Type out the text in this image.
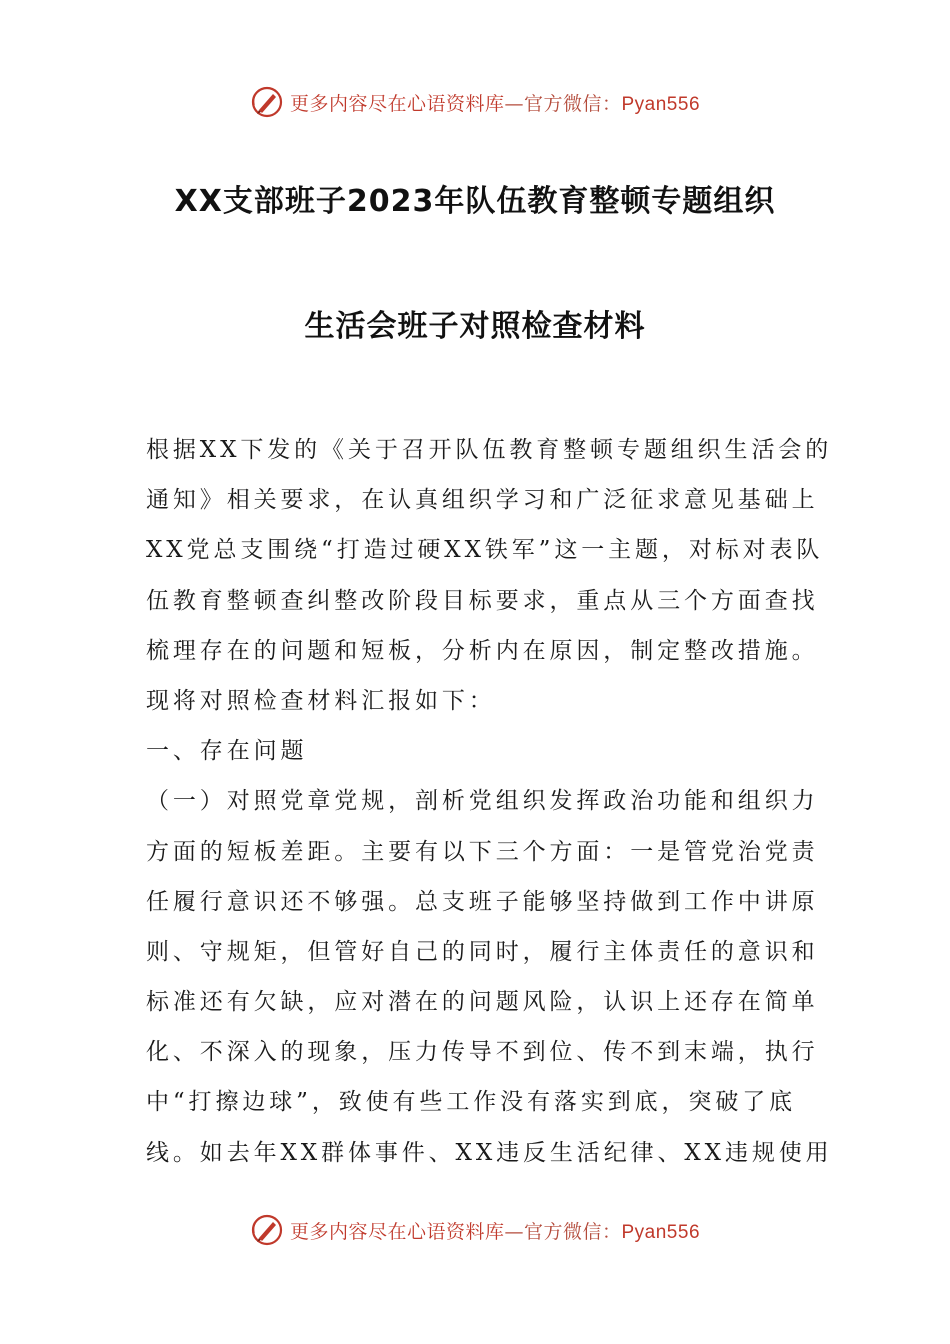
更多内容尽在心语资料库—官方微信：Pyan556
XX支部班子2023年队伍教育整顿专题组织
生活会班子对照检查材料
根据XX下发的《关于召开队伍教育整顿专题组织生活会的
通知》相关要求，在认真组织学习和广泛征求意见基础上
XX党总支围绕“打造过硬XX铁军”这一主题，对标对表队
伍教育整顿查纠整改阶段目标要求，重点从三个方面查找
梳理存在的问题和短板，分析内在原因，制定整改措施。
现将对照检查材料汇报如下：
一、存在问题
（一）对照党章党规，剖析党组织发挥政治功能和组织力
方面的短板差距。主要有以下三个方面：一是管党治党责
任履行意识还不够强。总支班子能够坚持做到工作中讲原
则、守规矩，但管好自己的同时，履行主体责任的意识和
标准还有欠缺，应对潜在的问题风险，认识上还存在简单
化、不深入的现象，压力传导不到位、传不到末端，执行
中“打擦边球”，致使有些工作没有落实到底，突破了底
线。如去年XX群体事件、XX违反生活纪律、XX违规使用
更多内容尽在心语资料库—官方微信：Pyan556
